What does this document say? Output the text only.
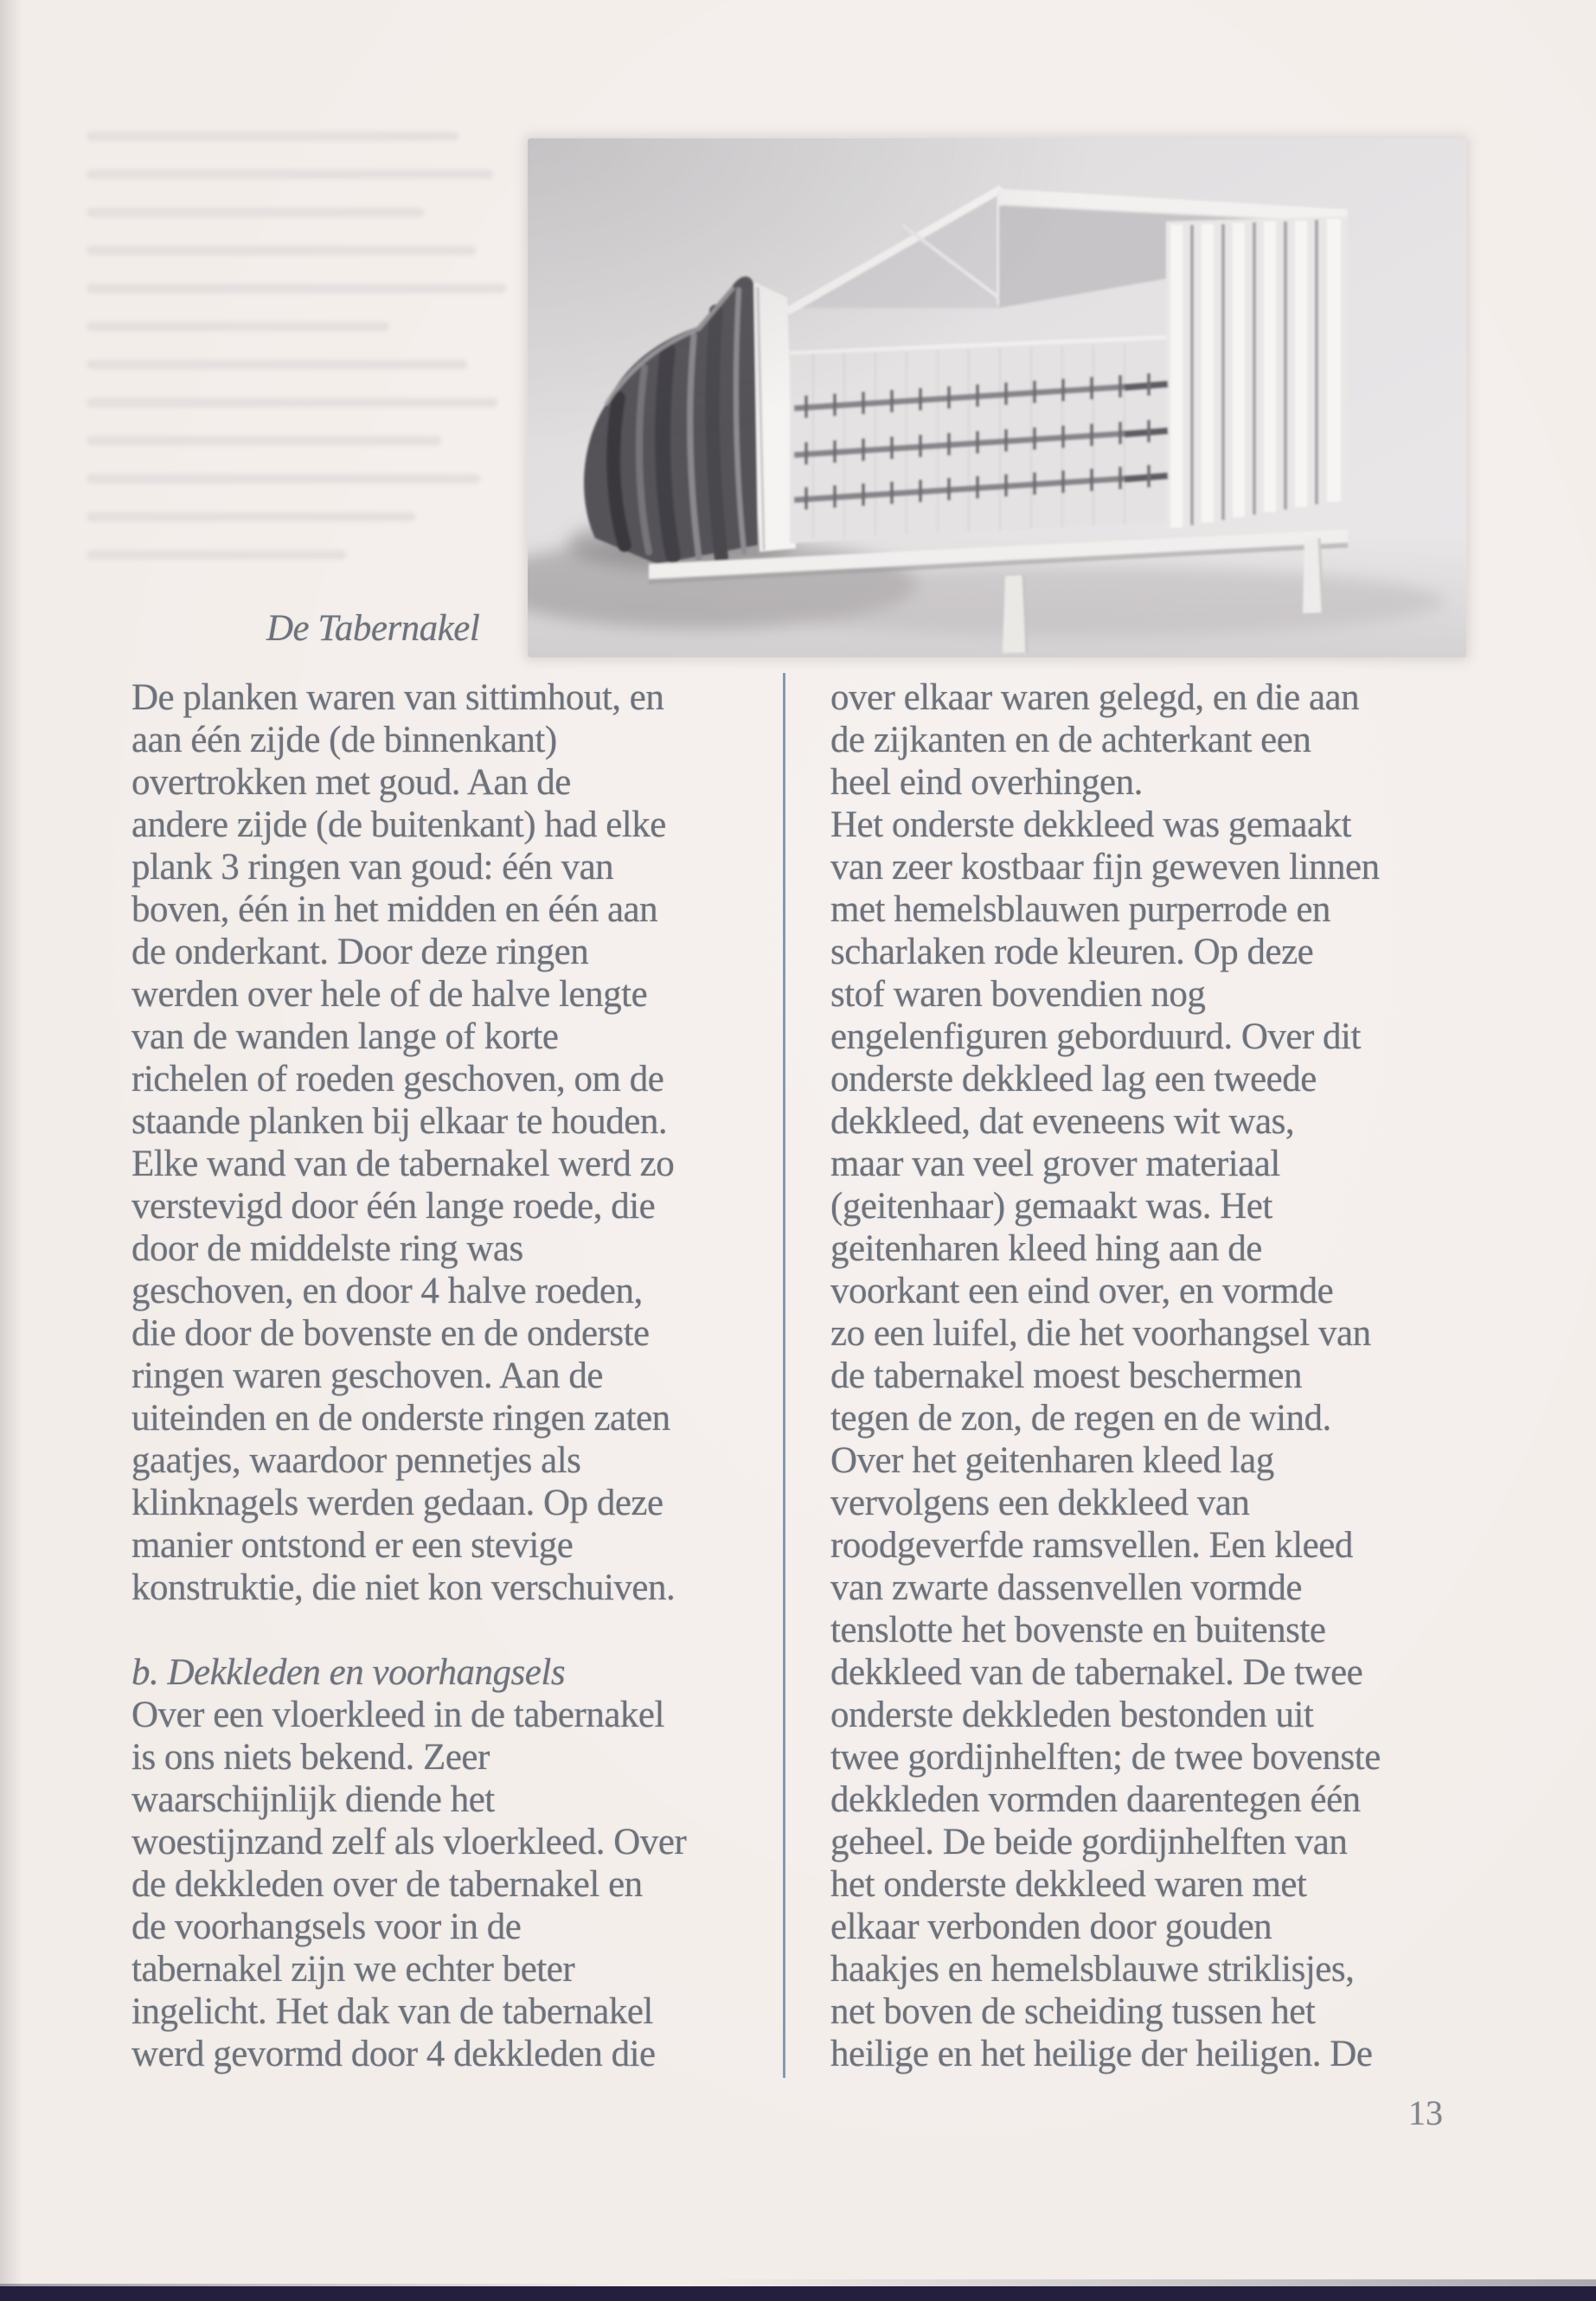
De Tabernakel
De planken waren van sittimhout, en
aan één zijde (de binnenkant)
overtrokken met goud. Aan de
andere zijde (de buitenkant) had elke
plank 3 ringen van goud: één van
boven, één in het midden en één aan
de onderkant. Door deze ringen
werden over hele of de halve lengte
van de wanden lange of korte
richelen of roeden geschoven, om de
staande planken bij elkaar te houden.
Elke wand van de tabernakel werd zo
verstevigd door één lange roede, die
door de middelste ring was
geschoven, en door 4 halve roeden,
die door de bovenste en de onderste
ringen waren geschoven. Aan de
uiteinden en de onderste ringen zaten
gaatjes, waardoor pennetjes als
klinknagels werden gedaan. Op deze
manier ontstond er een stevige
konstruktie, die niet kon verschuiven.
b. Dekkleden en voorhangsels
Over een vloerkleed in de tabernakel
is ons niets bekend. Zeer
waarschijnlijk diende het
woestijnzand zelf als vloerkleed. Over
de dekkleden over de tabernakel en
de voorhangsels voor in de
tabernakel zijn we echter beter
ingelicht. Het dak van de tabernakel
werd gevormd door 4 dekkleden die
over elkaar waren gelegd, en die aan
de zijkanten en de achterkant een
heel eind overhingen.
Het onderste dekkleed was gemaakt
van zeer kostbaar fijn geweven linnen
met hemelsblauwen purperrode en
scharlaken rode kleuren. Op deze
stof waren bovendien nog
engelenfiguren geborduurd. Over dit
onderste dekkleed lag een tweede
dekkleed, dat eveneens wit was,
maar van veel grover materiaal
(geitenhaar) gemaakt was. Het
geitenharen kleed hing aan de
voorkant een eind over, en vormde
zo een luifel, die het voorhangsel van
de tabernakel moest beschermen
tegen de zon, de regen en de wind.
Over het geitenharen kleed lag
vervolgens een dekkleed van
roodgeverfde ramsvellen. Een kleed
van zwarte dassenvellen vormde
tenslotte het bovenste en buitenste
dekkleed van de tabernakel. De twee
onderste dekkleden bestonden uit
twee gordijnhelften; de twee bovenste
dekkleden vormden daarentegen één
geheel. De beide gordijnhelften van
het onderste dekkleed waren met
elkaar verbonden door gouden
haakjes en hemelsblauwe striklisjes,
net boven de scheiding tussen het
heilige en het heilige der heiligen. De
13
